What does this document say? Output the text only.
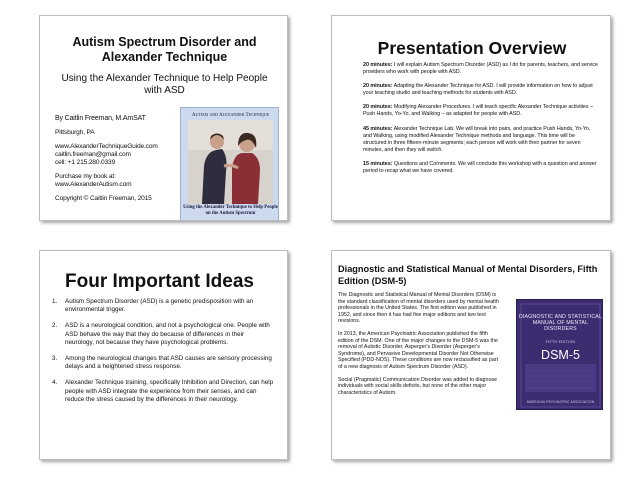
Autism Spectrum Disorder and Alexander Technique
Using the Alexander Technique to Help People with ASD

By Caitlin Freeman, M.AmSAT

Pittsburgh, PA

www.AlexanderTechniqueGuide.com

caitlin.freeman@gmail.com

cell: +1 215.280.0339

Purchase my book at:

www.AlexanderAutism.com

Copyright © Caitlin Freeman, 2015

Autism and Alexander Technique
Using the Alexander Technique to Help People on the Autism Spectrum
Presentation Overview

20 minutes: I will explain Autism Spectrum Disorder (ASD) as I do for parents, teachers, and service providers who work with people with ASD.

20 minutes: Adapting the Alexander Technique for ASD. I will provide information on how to adjust your teaching studio and teaching methods for students with ASD.

20 minutes: Modifying Alexander Procedures. I will teach specific Alexander Technique activities – Push Hands, Yo-Yo, and Walking – as adapted for people with ASD.

45 minutes: Alexander Technique Lab. We will break into pairs, and practice Push Hands, Yo-Yo, and Walking, using modified Alexander Technique methods and language. This time will be structured in three fifteen-minute segments; each person will work with their partner for seven minutes, and then they will switch.

15 minutes: Questions and Comments. We will conclude this workshop with a question and answer period to recap what we have covered.

Four Important Ideas
1.	Autism Spectrum Disorder (ASD) is a genetic predisposition with an environmental trigger.
2.	ASD is a neurological condition, and not a psychological one. People with ASD behave the way that they do because of differences in their neurology, not because they have psychological problems.
3.	Among the neurological changes that ASD causes are sensory processing delays and a heightened stress response.
4.	Alexander Technique training, specifically Inhibition and Direction, can help people with ASD integrate the experience from their senses, and can reduce the stress caused by the differences in their neurology.
Diagnostic and Statistical Manual of Mental Disorders, Fifth Edition (DSM-5)

The Diagnostic and Statistical Manual of Mental Disorders (DSM) is the standard classification of mental disorders used by mental health professionals in the United States. The first edition was published in 1952, and since then it has had five major editions and two text revisions.

In 2013, the American Psychiatric Association published the fifth edition of the DSM. One of the major changes to the DSM-5 was the removal of Autistic Disorder, Asperger's Disorder (Asperger's Syndrome), and Pervasive Developmental Disorder Not Otherwise Specified (PDD-NOS). These conditions are now reclassified as part of a new diagnosis of Autism Spectrum Disorder (ASD).

Social (Pragmatic) Communication Disorder was added to diagnose individuals with social skills deficits, but none of the other major characteristics of Autism.

DIAGNOSTIC AND STATISTICAL MANUAL OF MENTAL DISORDERS
FIFTH EDITION
DSM-5
AMERICAN PSYCHIATRIC ASSOCIATION
